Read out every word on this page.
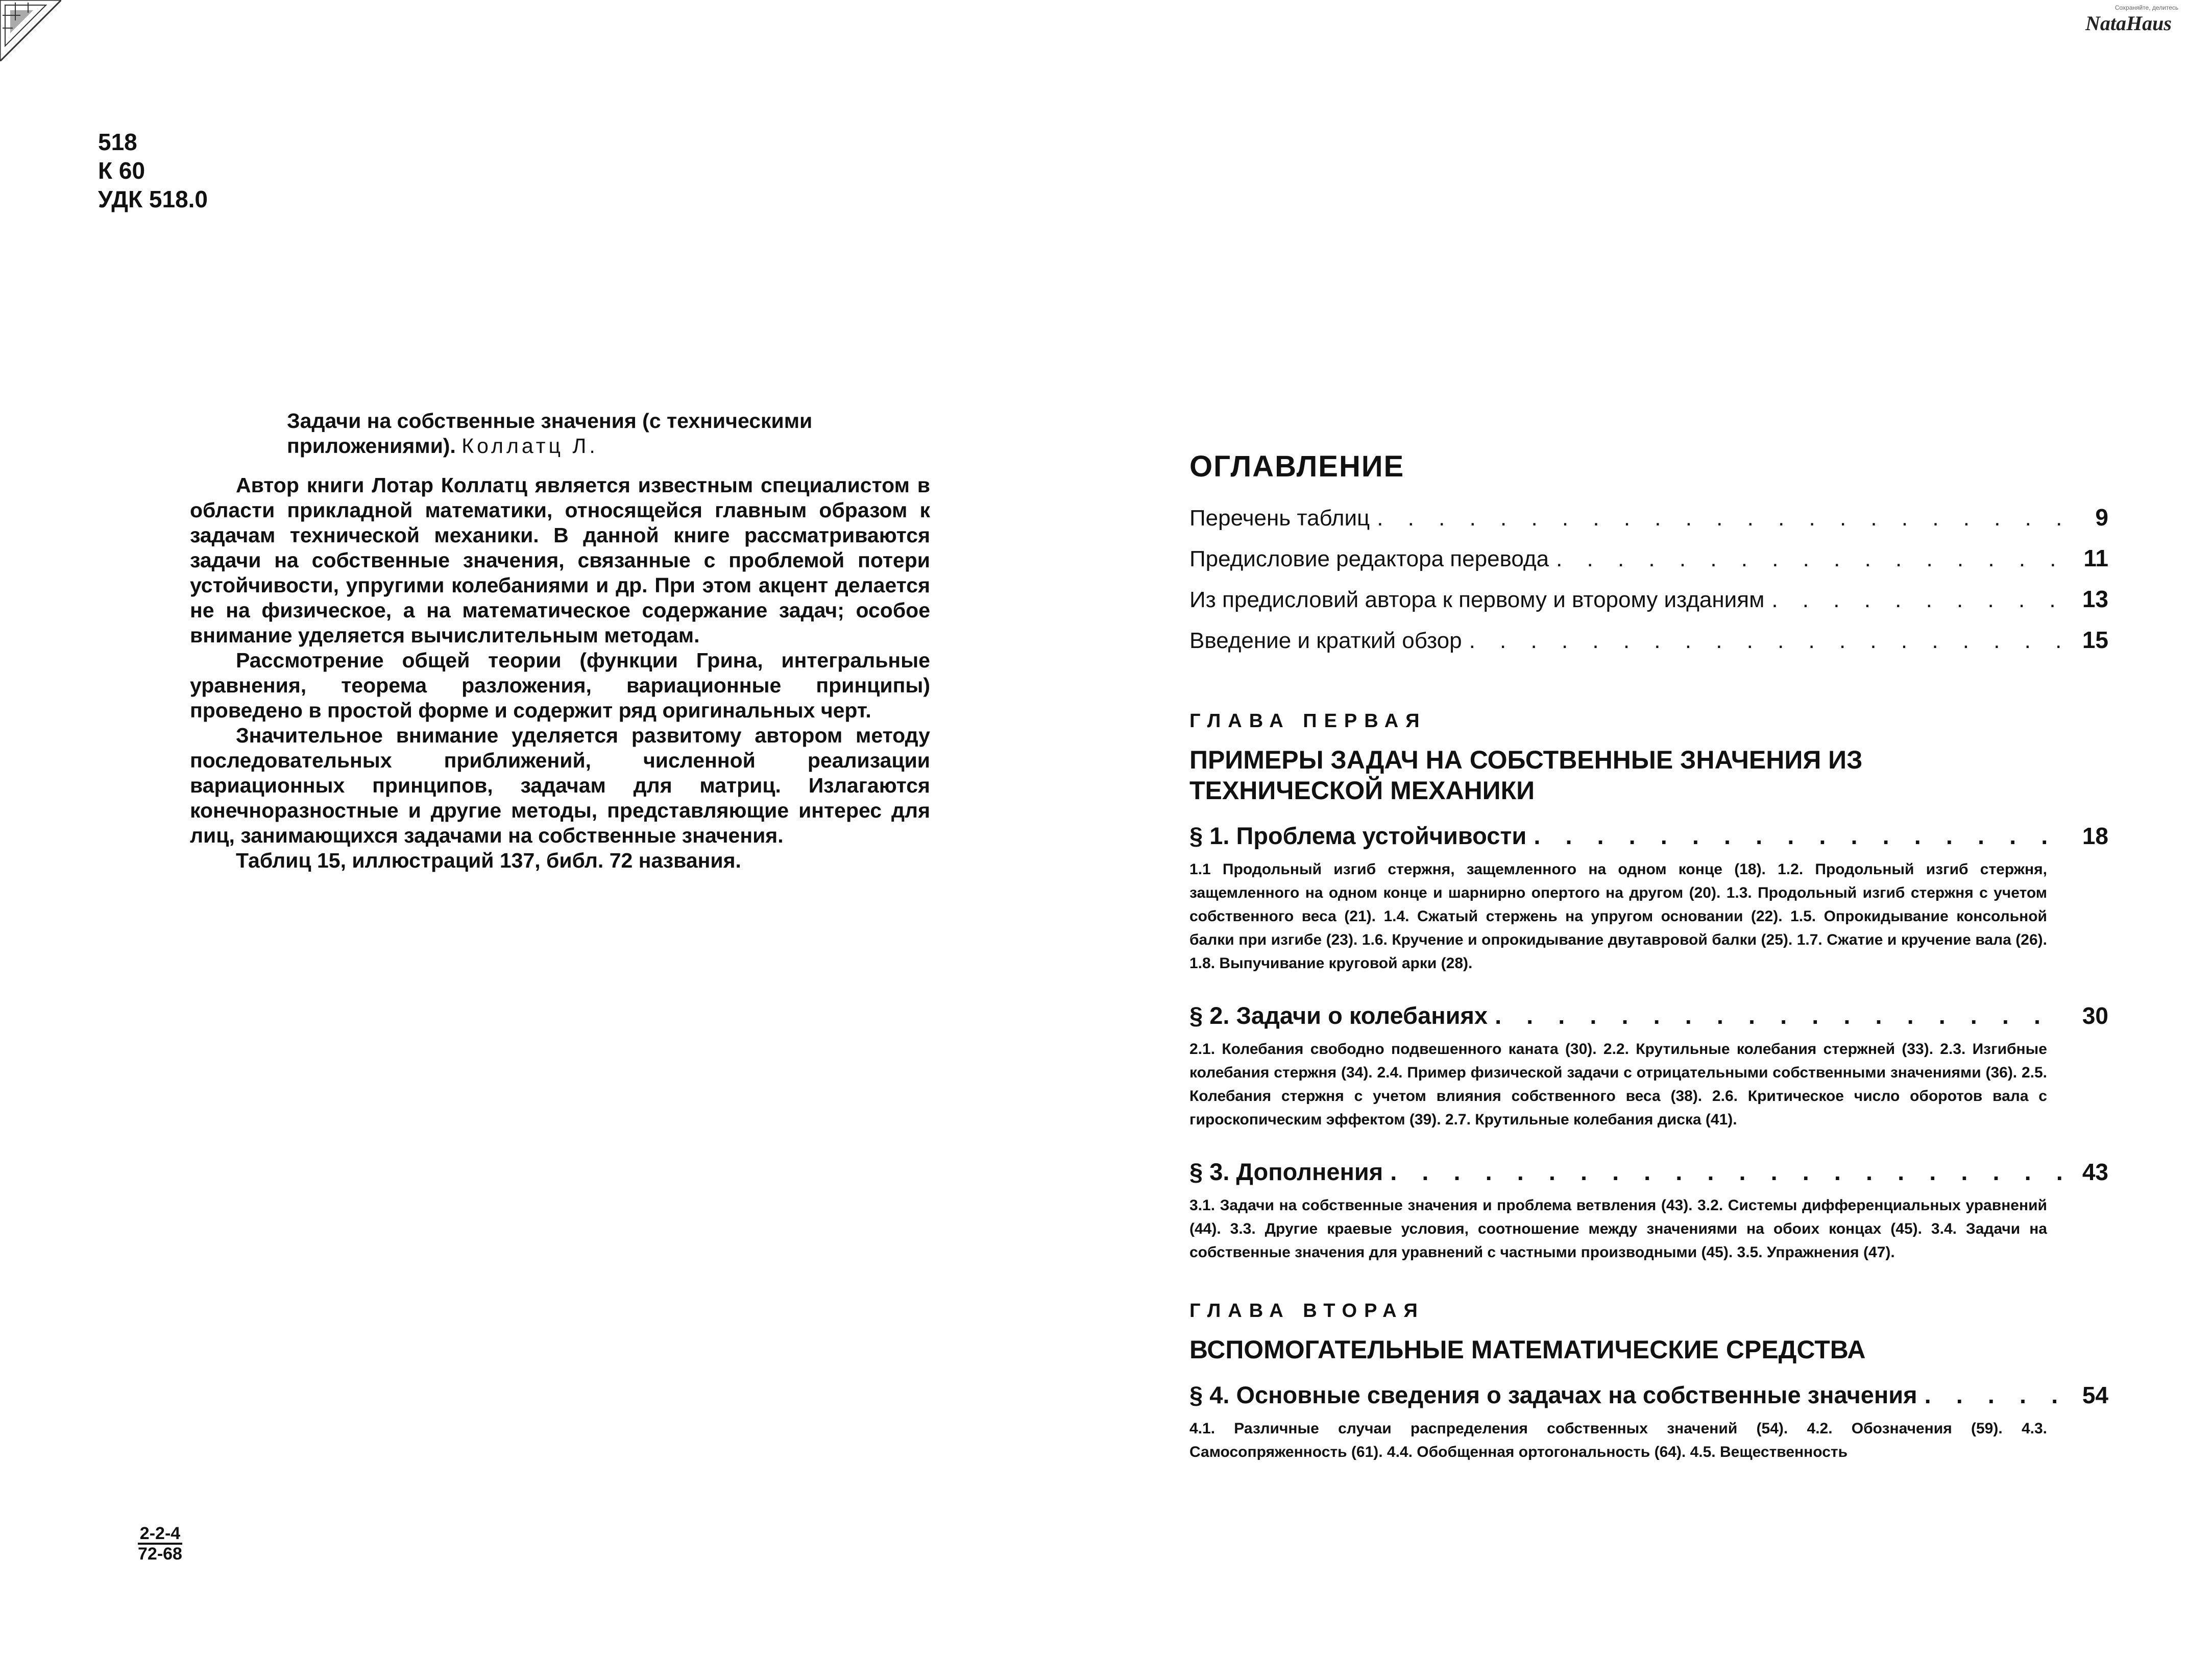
Сохраняйте, делитесь
NataHaus
518
К 60
УДК 518.0
Задачи на собственные значения (с техническими приложениями). Коллатц Л.

Автор книги Лотар Коллатц является известным специалистом в области прикладной математики, относящейся главным образом к задачам технической механики. В данной книге рассматриваются задачи на собственные значения, связанные с проблемой потери устойчивости, упругими колебаниями и др. При этом акцент делается не на физическое, а на математическое содержание задач; особое внимание уделяется вычислительным методам.

Рассмотрение общей теории (функции Грина, интегральные уравнения, теорема разложения, вариационные принципы) проведено в простой форме и содержит ряд оригинальных черт.

Значительное внимание уделяется развитому автором методу последовательных приближений, численной реализации вариационных принципов, задачам для матриц. Излагаются конечноразностные и другие методы, представляющие интерес для лиц, занимающихся задачами на собственные значения.

Таблиц 15, иллюстраций 137, библ. 72 названия.

$\frac{2-2-4}{72-68}$
ОГЛАВЛЕНИЕ
Перечень таблиц . . .	9
Предисловие редактора перевода . . .	11
Из предисловий автора к первому и второму изданиям . . .	13
Введение и краткий обзор . . .	15
ГЛАВА ПЕРВАЯ
ПРИМЕРЫ ЗАДАЧ НА СОБСТВЕННЫЕ ЗНАЧЕНИЯ ИЗ ТЕХНИЧЕСКОЙ МЕХАНИКИ
§ 1. Проблема устойчивости . . .	18
1.1 Продольный изгиб стержня, защемленного на одном конце (18). 1.2. Продольный изгиб стержня, защемленного на одном конце и шарнирно опертого на другом (20). 1.3. Продольный изгиб стержня с учетом собственного веса (21). 1.4. Сжатый стержень на упругом основании (22). 1.5. Опрокидывание консольной балки при изгибе (23). 1.6. Кручение и опрокидывание двутавровой балки (25). 1.7. Сжатие и кручение вала (26). 1.8. Выпучивание круговой арки (28).
§ 2. Задачи о колебаниях . . .	30
2.1. Колебания свободно подвешенного каната (30). 2.2. Крутильные колебания стержней (33). 2.3. Изгибные колебания стержня (34). 2.4. Пример физической задачи с отрицательными собственными значениями (36). 2.5. Колебания стержня с учетом влияния собственного веса (38). 2.6. Критическое число оборотов вала с гироскопическим эффектом (39). 2.7. Крутильные колебания диска (41).
§ 3. Дополнения . . .	43
3.1. Задачи на собственные значения и проблема ветвления (43). 3.2. Системы дифференциальных уравнений (44). 3.3. Другие краевые условия, соотношение между значениями на обоих концах (45). 3.4. Задачи на собственные значения для уравнений с частными производными (45). 3.5. Упражнения (47).
ГЛАВА ВТОРАЯ
ВСПОМОГАТЕЛЬНЫЕ МАТЕМАТИЧЕСКИЕ СРЕДСТВА
§ 4. Основные сведения о задачах на собственные значения . . .	54
4.1. Различные случаи распределения собственных значений (54). 4.2. Обозначения (59). 4.3. Самосопряженность (61). 4.4. Обобщенная ортогональность (64). 4.5. Вещественность
